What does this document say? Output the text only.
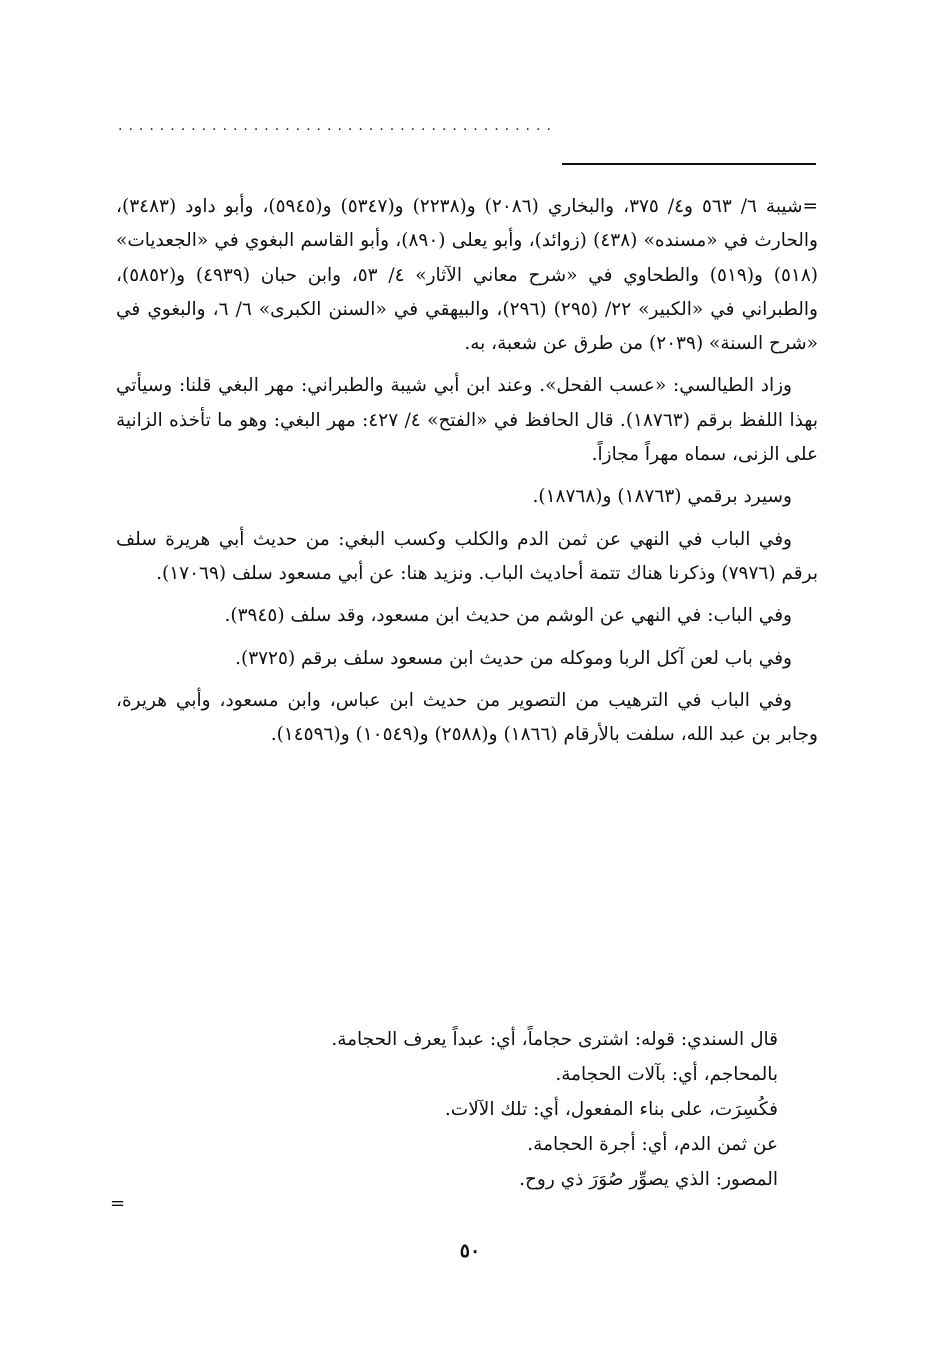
..........................................

=شيبة ٦/ ٥٦٣ و٤/ ٣٧٥، والبخاري (٢٠٨٦) و(٢٢٣٨) و(٥٣٤٧) و(٥٩٤٥)، وأبو داود (٣٤٨٣)، والحارث في «مسنده» (٤٣٨) (زوائد)، وأبو يعلى (٨٩٠)، وأبو القاسم البغوي في «الجعديات» (٥١٨) و(٥١٩) والطحاوي في «شرح معاني الآثار» ٤/ ٥٣، وابن حبان (٤٩٣٩) و(٥٨٥٢)، والطبراني في «الكبير» ٢٢/ (٢٩٥) (٢٩٦)، والبيهقي في «السنن الكبرى» ٦/ ٦، والبغوي في «شرح السنة» (٢٠٣٩) من طرق عن شعبة، به.

وزاد الطيالسي: «عسب الفحل». وعند ابن أبي شيبة والطبراني: مهر البغي قلنا: وسيأتي بهذا اللفظ برقم (١٨٧٦٣). قال الحافظ في «الفتح» ٤/ ٤٢٧: مهر البغي: وهو ما تأخذه الزانية على الزنى، سماه مهراً مجازاً.

وسيرد برقمي (١٨٧٦٣) و(١٨٧٦٨).

وفي الباب في النهي عن ثمن الدم والكلب وكسب البغي: من حديث أبي هريرة سلف برقم (٧٩٧٦) وذكرنا هناك تتمة أحاديث الباب. ونزيد هنا: عن أبي مسعود سلف (١٧٠٦٩).

وفي الباب: في النهي عن الوشم من حديث ابن مسعود، وقد سلف (٣٩٤٥).

وفي باب لعن آكل الربا وموكله من حديث ابن مسعود سلف برقم (٣٧٢٥).

وفي الباب في الترهيب من التصوير من حديث ابن عباس، وابن مسعود، وأبي هريرة، وجابر بن عبد الله، سلفت بالأرقام (١٨٦٦) و(٢٥٨٨) و(١٠٥٤٩) و(١٤٥٩٦).

قال السندي: قوله: اشترى حجاماً، أي: عبداً يعرف الحجامة.

بالمحاجم، أي: بآلات الحجامة.

فكُسِرَت، على بناء المفعول، أي: تلك الآلات.

عن ثمن الدم، أي: أجرة الحجامة.

المصور: الذي يصوِّر صُوَرَ ذي روح.

=
٥٠
